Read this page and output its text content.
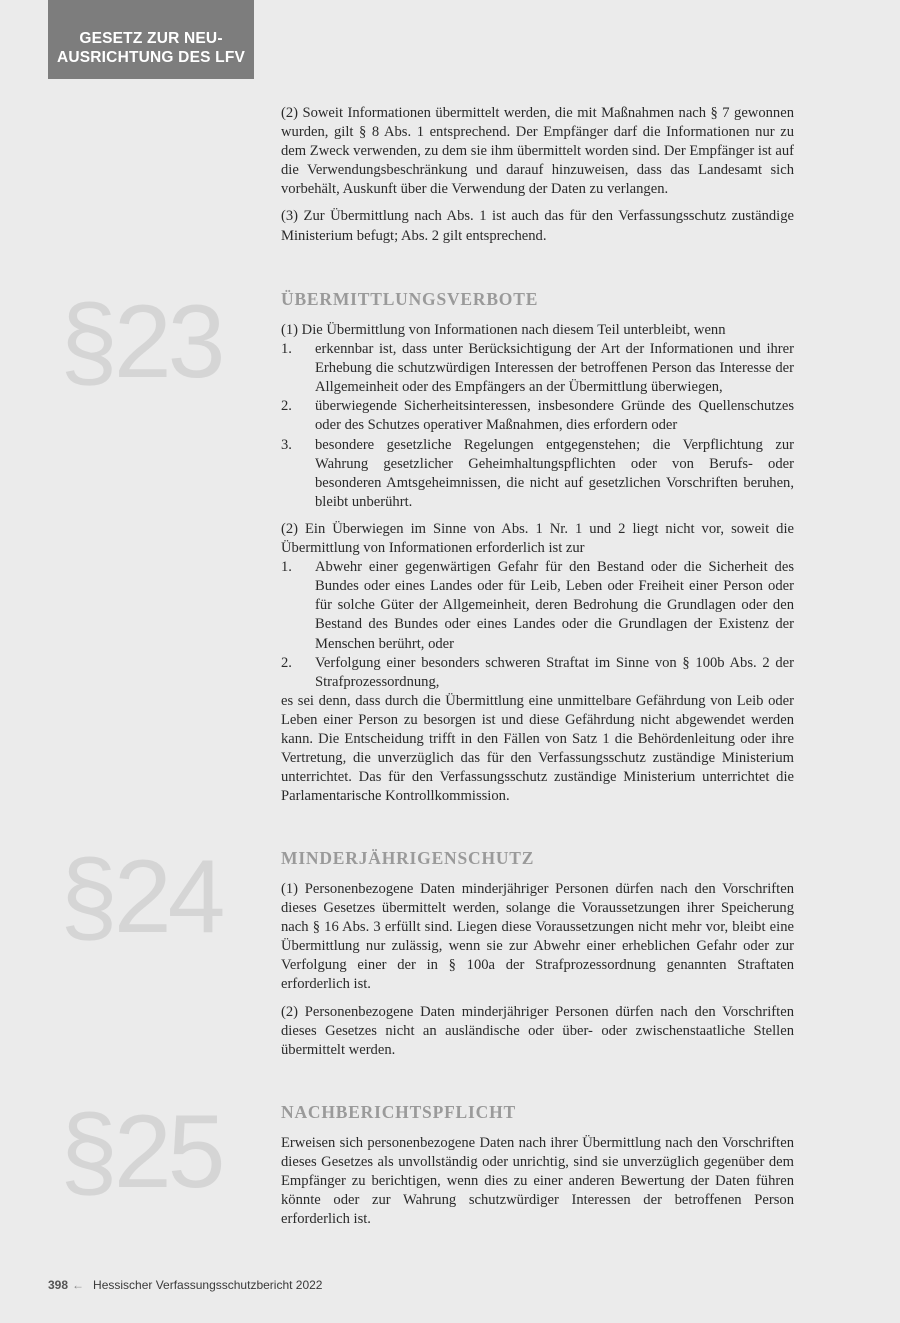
GESETZ ZUR NEU-
AUSRICHTUNG DES LFV

(2) Soweit Informationen übermittelt werden, die mit Maßnahmen nach § 7 gewonnen wurden, gilt § 8 Abs. 1 entsprechend. Der Empfänger darf die Informationen nur zu dem Zweck verwenden, zu dem sie ihm übermittelt worden sind. Der Empfänger ist auf die Verwendungsbeschränkung und darauf hinzuweisen, dass das Landesamt sich vorbehält, Auskunft über die Verwendung der Daten zu verlangen.

(3) Zur Übermittlung nach Abs. 1 ist auch das für den Verfassungsschutz zuständige Ministerium befugt; Abs. 2 gilt entsprechend.

§23	ÜBERMITTLUNGSVERBOTE

(1) Die Übermittlung von Informationen nach diesem Teil unterbleibt, wenn

1.	erkennbar ist, dass unter Berücksichtigung der Art der Informationen und ihrer Erhebung die schutzwürdigen Interessen der betroffenen Person das Interesse der Allgemeinheit oder des Empfängers an der Übermittlung überwiegen,
2.	überwiegende Sicherheitsinteressen, insbesondere Gründe des Quellenschutzes oder des Schutzes operativer Maßnahmen, dies erfordern oder
3.	besondere gesetzliche Regelungen entgegenstehen; die Verpflichtung zur Wahrung gesetzlicher Geheimhaltungspflichten oder von Berufs- oder besonderen Amtsgeheimnissen, die nicht auf gesetzlichen Vorschriften beruhen, bleibt unberührt.

(2) Ein Überwiegen im Sinne von Abs. 1 Nr. 1 und 2 liegt nicht vor, soweit die Übermittlung von Informationen erforderlich ist zur

1.	Abwehr einer gegenwärtigen Gefahr für den Bestand oder die Sicherheit des Bundes oder eines Landes oder für Leib, Leben oder Freiheit einer Person oder für solche Güter der Allgemeinheit, deren Bedrohung die Grundlagen oder den Bestand des Bundes oder eines Landes oder die Grundlagen der Existenz der Menschen berührt, oder
2.	Verfolgung einer besonders schweren Straftat im Sinne von § 100b Abs. 2 der Strafprozessordnung,

es sei denn, dass durch die Übermittlung eine unmittelbare Gefährdung von Leib oder Leben einer Person zu besorgen ist und diese Gefährdung nicht abgewendet werden kann. Die Entscheidung trifft in den Fällen von Satz 1 die Behördenleitung oder ihre Vertretung, die unverzüglich das für den Verfassungsschutz zuständige Ministerium unterrichtet. Das für den Verfassungsschutz zuständige Ministerium unterrichtet die Parlamentarische Kontrollkommission.

§24	MINDERJÄHRIGENSCHUTZ

(1) Personenbezogene Daten minderjähriger Personen dürfen nach den Vorschriften dieses Gesetzes übermittelt werden, solange die Voraussetzungen ihrer Speicherung nach § 16 Abs. 3 erfüllt sind. Liegen diese Voraussetzungen nicht mehr vor, bleibt eine Übermittlung nur zulässig, wenn sie zur Abwehr einer erheblichen Gefahr oder zur Verfolgung einer der in § 100a der Strafprozessordnung genannten Straftaten erforderlich ist.

(2) Personenbezogene Daten minderjähriger Personen dürfen nach den Vorschriften dieses Gesetzes nicht an ausländische oder über- oder zwischenstaatliche Stellen übermittelt werden.

§25	NACHBERICHTSPFLICHT

Erweisen sich personenbezogene Daten nach ihrer Übermittlung nach den Vorschriften dieses Gesetzes als unvollständig oder unrichtig, sind sie unverzüglich gegenüber dem Empfänger zu berichtigen, wenn dies zu einer anderen Bewertung der Daten führen könnte oder zur Wahrung schutzwürdiger Interessen der betroffenen Person erforderlich ist.

398 ← Hessischer Verfassungsschutzbericht 2022
